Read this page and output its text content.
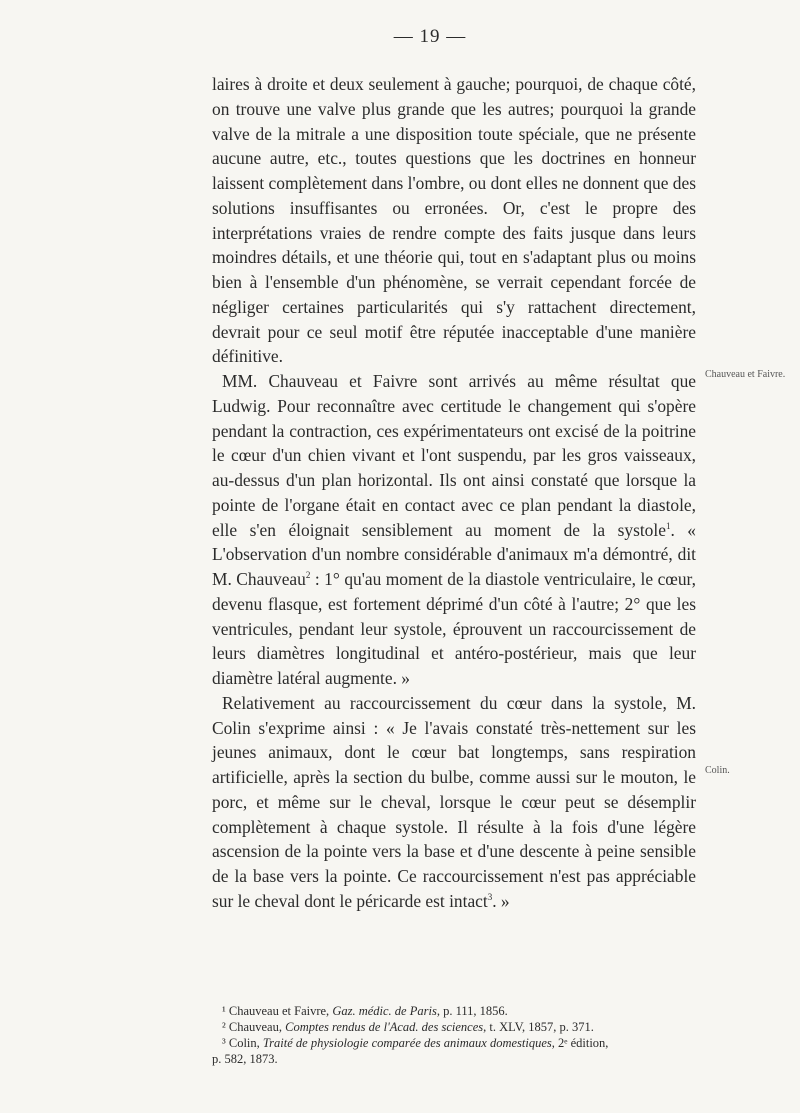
— 19 —

laires à droite et deux seulement à gauche; pourquoi, de chaque côté, on trouve une valve plus grande que les autres; pourquoi la grande valve de la mitrale a une disposition toute spéciale, que ne présente aucune autre, etc., toutes questions que les doctrines en honneur laissent complètement dans l'ombre, ou dont elles ne donnent que des solutions insuffisantes ou erronées. Or, c'est le propre des interprétations vraies de rendre compte des faits jusque dans leurs moindres détails, et une théorie qui, tout en s'adaptant plus ou moins bien à l'ensemble d'un phénomène, se verrait cependant forcée de négliger certaines particularités qui s'y rattachent directement, devrait pour ce seul motif être réputée inacceptable d'une manière définitive.

MM. Chauveau et Faivre sont arrivés au même résultat que Ludwig. Pour reconnaître avec certitude le changement qui s'opère pendant la contraction, ces expérimentateurs ont excisé de la poitrine le cœur d'un chien vivant et l'ont suspendu, par les gros vaisseaux, au-dessus d'un plan horizontal. Ils ont ainsi constaté que lorsque la pointe de l'organe était en contact avec ce plan pendant la diastole, elle s'en éloignait sensiblement au moment de la systole$^1$. « L'observation d'un nombre considérable d'animaux m'a démontré, dit M. Chauveau$^2$ : 1° qu'au moment de la diastole ventriculaire, le cœur, devenu flasque, est fortement déprimé d'un côté à l'autre; 2° que les ventricules, pendant leur systole, éprouvent un raccourcissement de leurs diamètres longitudinal et antéro-postérieur, mais que leur diamètre latéral augmente. »

Relativement au raccourcissement du cœur dans la systole, M. Colin s'exprime ainsi : « Je l'avais constaté très-nettement sur les jeunes animaux, dont le cœur bat longtemps, sans respiration artificielle, après la section du bulbe, comme aussi sur le mouton, le porc, et même sur le cheval, lorsque le cœur peut se désemplir complètement à chaque systole. Il résulte à la fois d'une légère ascension de la pointe vers la base et d'une descente à peine sensible de la base vers la pointe. Ce raccourcissement n'est pas appréciable sur le cheval dont le péricarde est intact$^3$. »

Chauveau et Faivre.
Colin.

¹ Chauveau et Faivre, Gaz. médic. de Paris, p. 111, 1856.

² Chauveau, Comptes rendus de l'Acad. des sciences, t. XLV, 1857, p. 371.

³ Colin, Traité de physiologie comparée des animaux domestiques, 2ᵉ édition,

p. 582, 1873.
